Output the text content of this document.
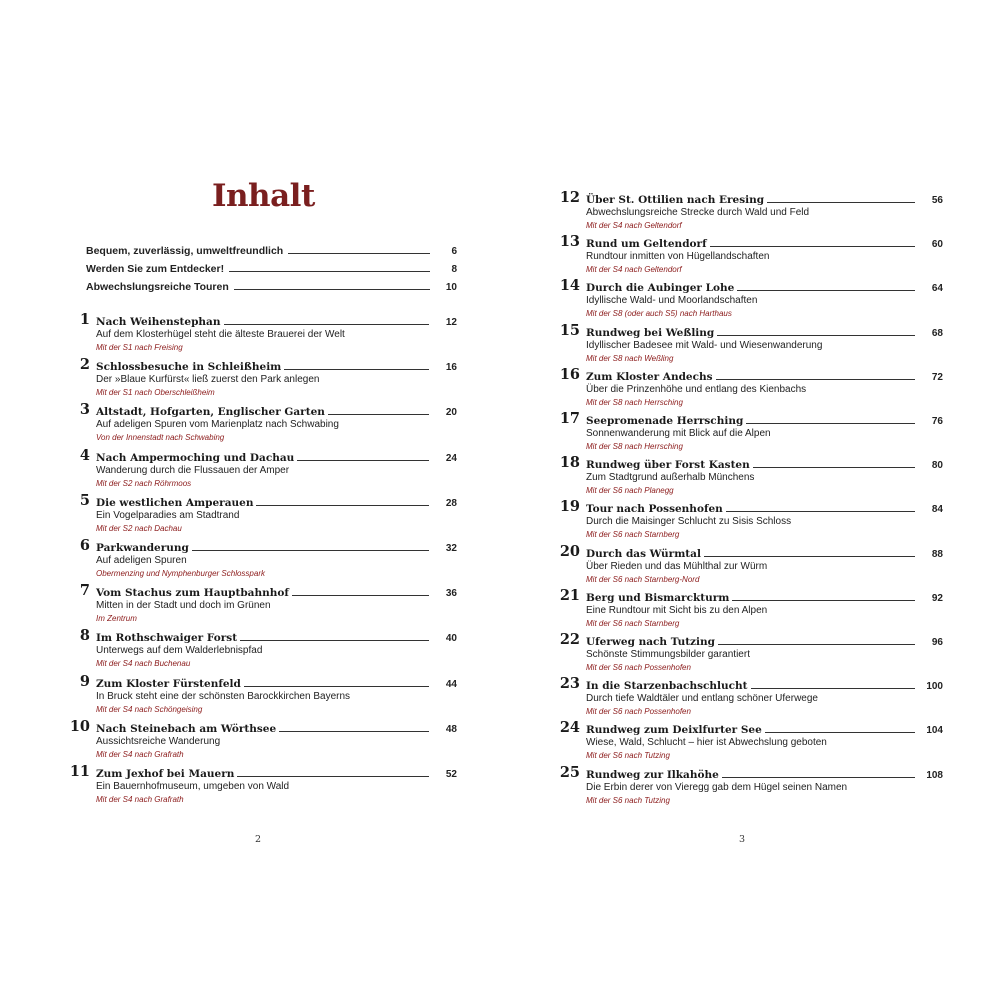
Inhalt
Bequem, zuverlässig, umweltfreundlich	6
Werden Sie zum Entdecker!	8
Abwechslungsreiche Touren	10
1 Nach Weihenstephan	12
Auf dem Klosterhügel steht die älteste Brauerei der Welt
Mit der S1 nach Freising
2 Schlossbesuche in Schleißheim	16
Der »Blaue Kurfürst« ließ zuerst den Park anlegen
Mit der S1 nach Oberschleißheim
3 Altstadt, Hofgarten, Englischer Garten	20
Auf adeligen Spuren vom Marienplatz nach Schwabing
Von der Innenstadt nach Schwabing
4 Nach Ampermoching und Dachau	24
Wanderung durch die Flussauen der Amper
Mit der S2 nach Röhrmoos
5 Die westlichen Amperauen	28
Ein Vogelparadies am Stadtrand
Mit der S2 nach Dachau
6 Parkwanderung	32
Auf adeligen Spuren
Obermenzing und Nymphenburger Schlosspark
7 Vom Stachus zum Hauptbahnhof	36
Mitten in der Stadt und doch im Grünen
Im Zentrum
8 Im Rothschwaiger Forst	40
Unterwegs auf dem Walderlebnispfad
Mit der S4 nach Buchenau
9 Zum Kloster Fürstenfeld	44
In Bruck steht eine der schönsten Barockkirchen Bayerns
Mit der S4 nach Schöngeising
10 Nach Steinebach am Wörthsee	48
Aussichtsreiche Wanderung
Mit der S4 nach Grafrath
11 Zum Jexhof bei Mauern	52
Ein Bauernhofmuseum, umgeben von Wald
Mit der S4 nach Grafrath
2
12 Über St. Ottilien nach Eresing	56
Abwechslungsreiche Strecke durch Wald und Feld
Mit der S4 nach Geltendorf
13 Rund um Geltendorf	60
Rundtour inmitten von Hügellandschaften
Mit der S4 nach Geltendorf
14 Durch die Aubinger Lohe	64
Idyllische Wald- und Moorlandschaften
Mit der S8 (oder auch S5) nach Harthaus
15 Rundweg bei Weßling	68
Idyllischer Badesee mit Wald- und Wiesenwanderung
Mit der S8 nach Weßling
16 Zum Kloster Andechs	72
Über die Prinzenhöhe und entlang des Kienbachs
Mit der S8 nach Herrsching
17 Seepromenade Herrsching	76
Sonnenwanderung mit Blick auf die Alpen
Mit der S8 nach Herrsching
18 Rundweg über Forst Kasten	80
Zum Stadtgrund außerhalb Münchens
Mit der S6 nach Planegg
19 Tour nach Possenhofen	84
Durch die Maisinger Schlucht zu Sisis Schloss
Mit der S6 nach Starnberg
20 Durch das Würmtal	88
Über Rieden und das Mühlthal zur Würm
Mit der S6 nach Starnberg-Nord
21 Berg und Bismarckturm	92
Eine Rundtour mit Sicht bis zu den Alpen
Mit der S6 nach Starnberg
22 Uferweg nach Tutzing	96
Schönste Stimmungsbilder garantiert
Mit der S6 nach Possenhofen
23 In die Starzenbachschlucht	100
Durch tiefe Waldtäler und entlang schöner Uferwege
Mit der S6 nach Possenhofen
24 Rundweg zum Deixlfurter See	104
Wiese, Wald, Schlucht – hier ist Abwechslung geboten
Mit der S6 nach Tutzing
25 Rundweg zur Ilkahöhe	108
Die Erbin derer von Vieregg gab dem Hügel seinen Namen
Mit der S6 nach Tutzing
3
